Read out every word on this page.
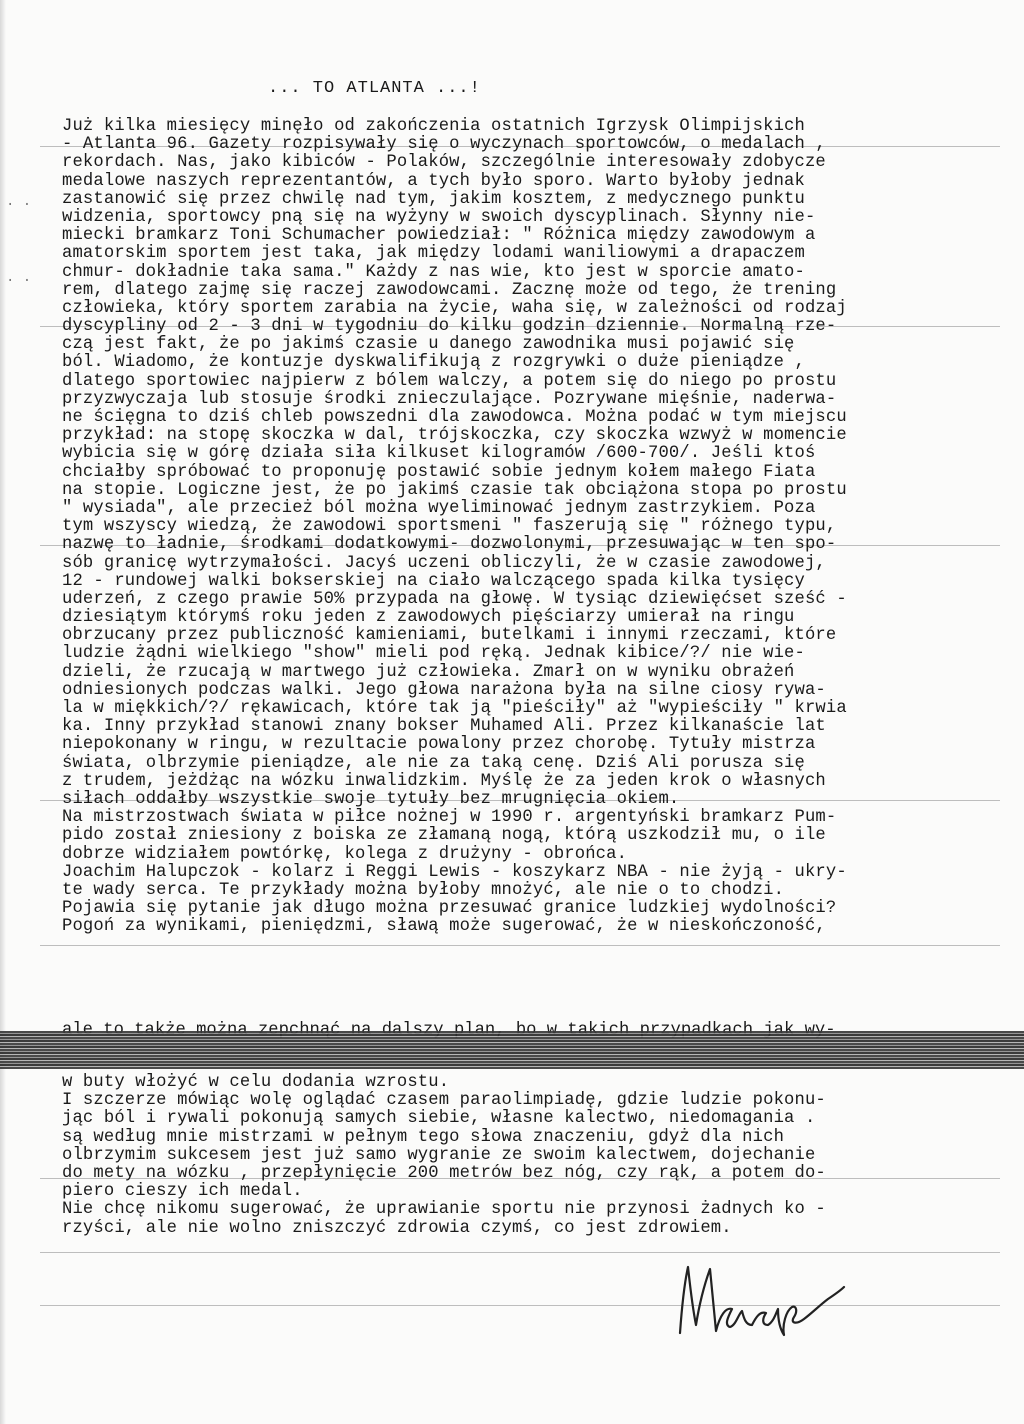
. .

. .
... TO ATLANTA ...!
Już kilka miesięcy minęło od zakończenia ostatnich Igrzysk Olimpijskich
- Atlanta 96. Gazety rozpisywały się o wyczynach sportowców, o medalach ,
rekordach. Nas, jako kibiców - Polaków, szczególnie interesowały zdobycze
medalowe naszych reprezentantów, a tych było sporo. Warto byłoby jednak
zastanowić się przez chwilę nad tym, jakim kosztem, z medycznego punktu
widzenia, sportowcy pną się na wyżyny w swoich dyscyplinach. Słynny nie-
miecki bramkarz Toni Schumacher powiedział: " Różnica między zawodowym a
amatorskim sportem jest taka, jak między lodami waniliowymi a drapaczem
chmur- dokładnie taka sama." Każdy z nas wie, kto jest w sporcie amato-
rem, dlatego zajmę się raczej zawodowcami. Zacznę może od tego, że trening
człowieka, który sportem zarabia na życie, waha się, w zależności od rodzaj
dyscypliny od 2 - 3 dni w tygodniu do kilku godzin dziennie. Normalną rze-
czą jest fakt, że po jakimś czasie u danego zawodnika musi pojawić się
ból. Wiadomo, że kontuzje dyskwalifikują z rozgrywki o duże pieniądze ,
dlatego sportowiec najpierw z bólem walczy, a potem się do niego po prostu
przyzwyczaja lub stosuje środki znieczulające. Pozrywane mięśnie, naderwa-
ne ścięgna to dziś chleb powszedni dla zawodowca. Można podać w tym miejscu
przykład: na stopę skoczka w dal, trójskoczka, czy skoczka wzwyż w momencie
wybicia się w górę działa siła kilkuset kilogramów /600-700/. Jeśli ktoś
chciałby spróbować to proponuję postawić sobie jednym kołem małego Fiata
na stopie. Logiczne jest, że po jakimś czasie tak obciążona stopa po prostu
" wysiada", ale przecież ból można wyeliminować jednym zastrzykiem. Poza
tym wszyscy wiedzą, że zawodowi sportsmeni " faszerują się " różnego typu,
nazwę to ładnie, środkami dodatkowymi- dozwolonymi, przesuwając w ten spo-
sób granicę wytrzymałości. Jacyś uczeni obliczyli, że w czasie zawodowej,
12 - rundowej walki bokserskiej na ciało walczącego spada kilka tysięcy
uderzeń, z czego prawie 50% przypada na głowę. W tysiąc dziewięćset sześć -
dziesiątym którymś roku jeden z zawodowych pięściarzy umierał na ringu
obrzucany przez publiczność kamieniami, butelkami i innymi rzeczami, które
ludzie żądni wielkiego "show" mieli pod ręką. Jednak kibice/?/ nie wie-
dzieli, że rzucają w martwego już człowieka. Zmarł on w wyniku obrażeń
odniesionych podczas walki. Jego głowa narażona była na silne ciosy rywa-
la w miękkich/?/ rękawicach, które tak ją "pieściły" aż "wypieściły " krwia
ka. Inny przykład stanowi znany bokser Muhamed Ali. Przez kilkanaście lat
niepokonany w ringu, w rezultacie powalony przez chorobę. Tytuły mistrza
świata, olbrzymie pieniądze, ale nie za taką cenę. Dziś Ali porusza się
z trudem, jeżdżąc na wózku inwalidzkim. Myślę że za jeden krok o własnych
siłach oddałby wszystkie swoje tytuły bez mrugnięcia okiem.
Na mistrzostwach świata w piłce nożnej w 1990 r. argentyński bramkarz Pum-
pido został zniesiony z boiska ze złamaną nogą, którą uszkodził mu, o ile
dobrze widziałem powtórkę, kolega z drużyny - obrońca.
Joachim Halupczok - kolarz i Reggi Lewis - koszykarz NBA - nie żyją - ukry-
te wady serca. Te przykłady można byłoby mnożyć, ale nie o to chodzi.
Pojawia się pytanie jak długo można przesuwać granice ludzkiej wydolności?
Pogoń za wynikami, pieniędzmi, sławą może sugerować, że w nieskończoność,
w buty włożyć w celu dodania wzrostu.
I szczerze mówiąc wolę oglądać czasem paraolimpiadę, gdzie ludzie pokonu-
jąc ból i rywali pokonują samych siebie, własne kalectwo, niedomagania .
są według mnie mistrzami w pełnym tego słowa znaczeniu, gdyż dla nich
olbrzymim sukcesem jest już samo wygranie ze swoim kalectwem, dojechanie
do mety na wózku , przepłynięcie 200 metrów bez nóg, czy rąk, a potem do-
piero cieszy ich medal.
Nie chcę nikomu sugerować, że uprawianie sportu nie przynosi żadnych ko -
rzyści, ale nie wolno zniszczyć zdrowia czymś, co jest zdrowiem.
